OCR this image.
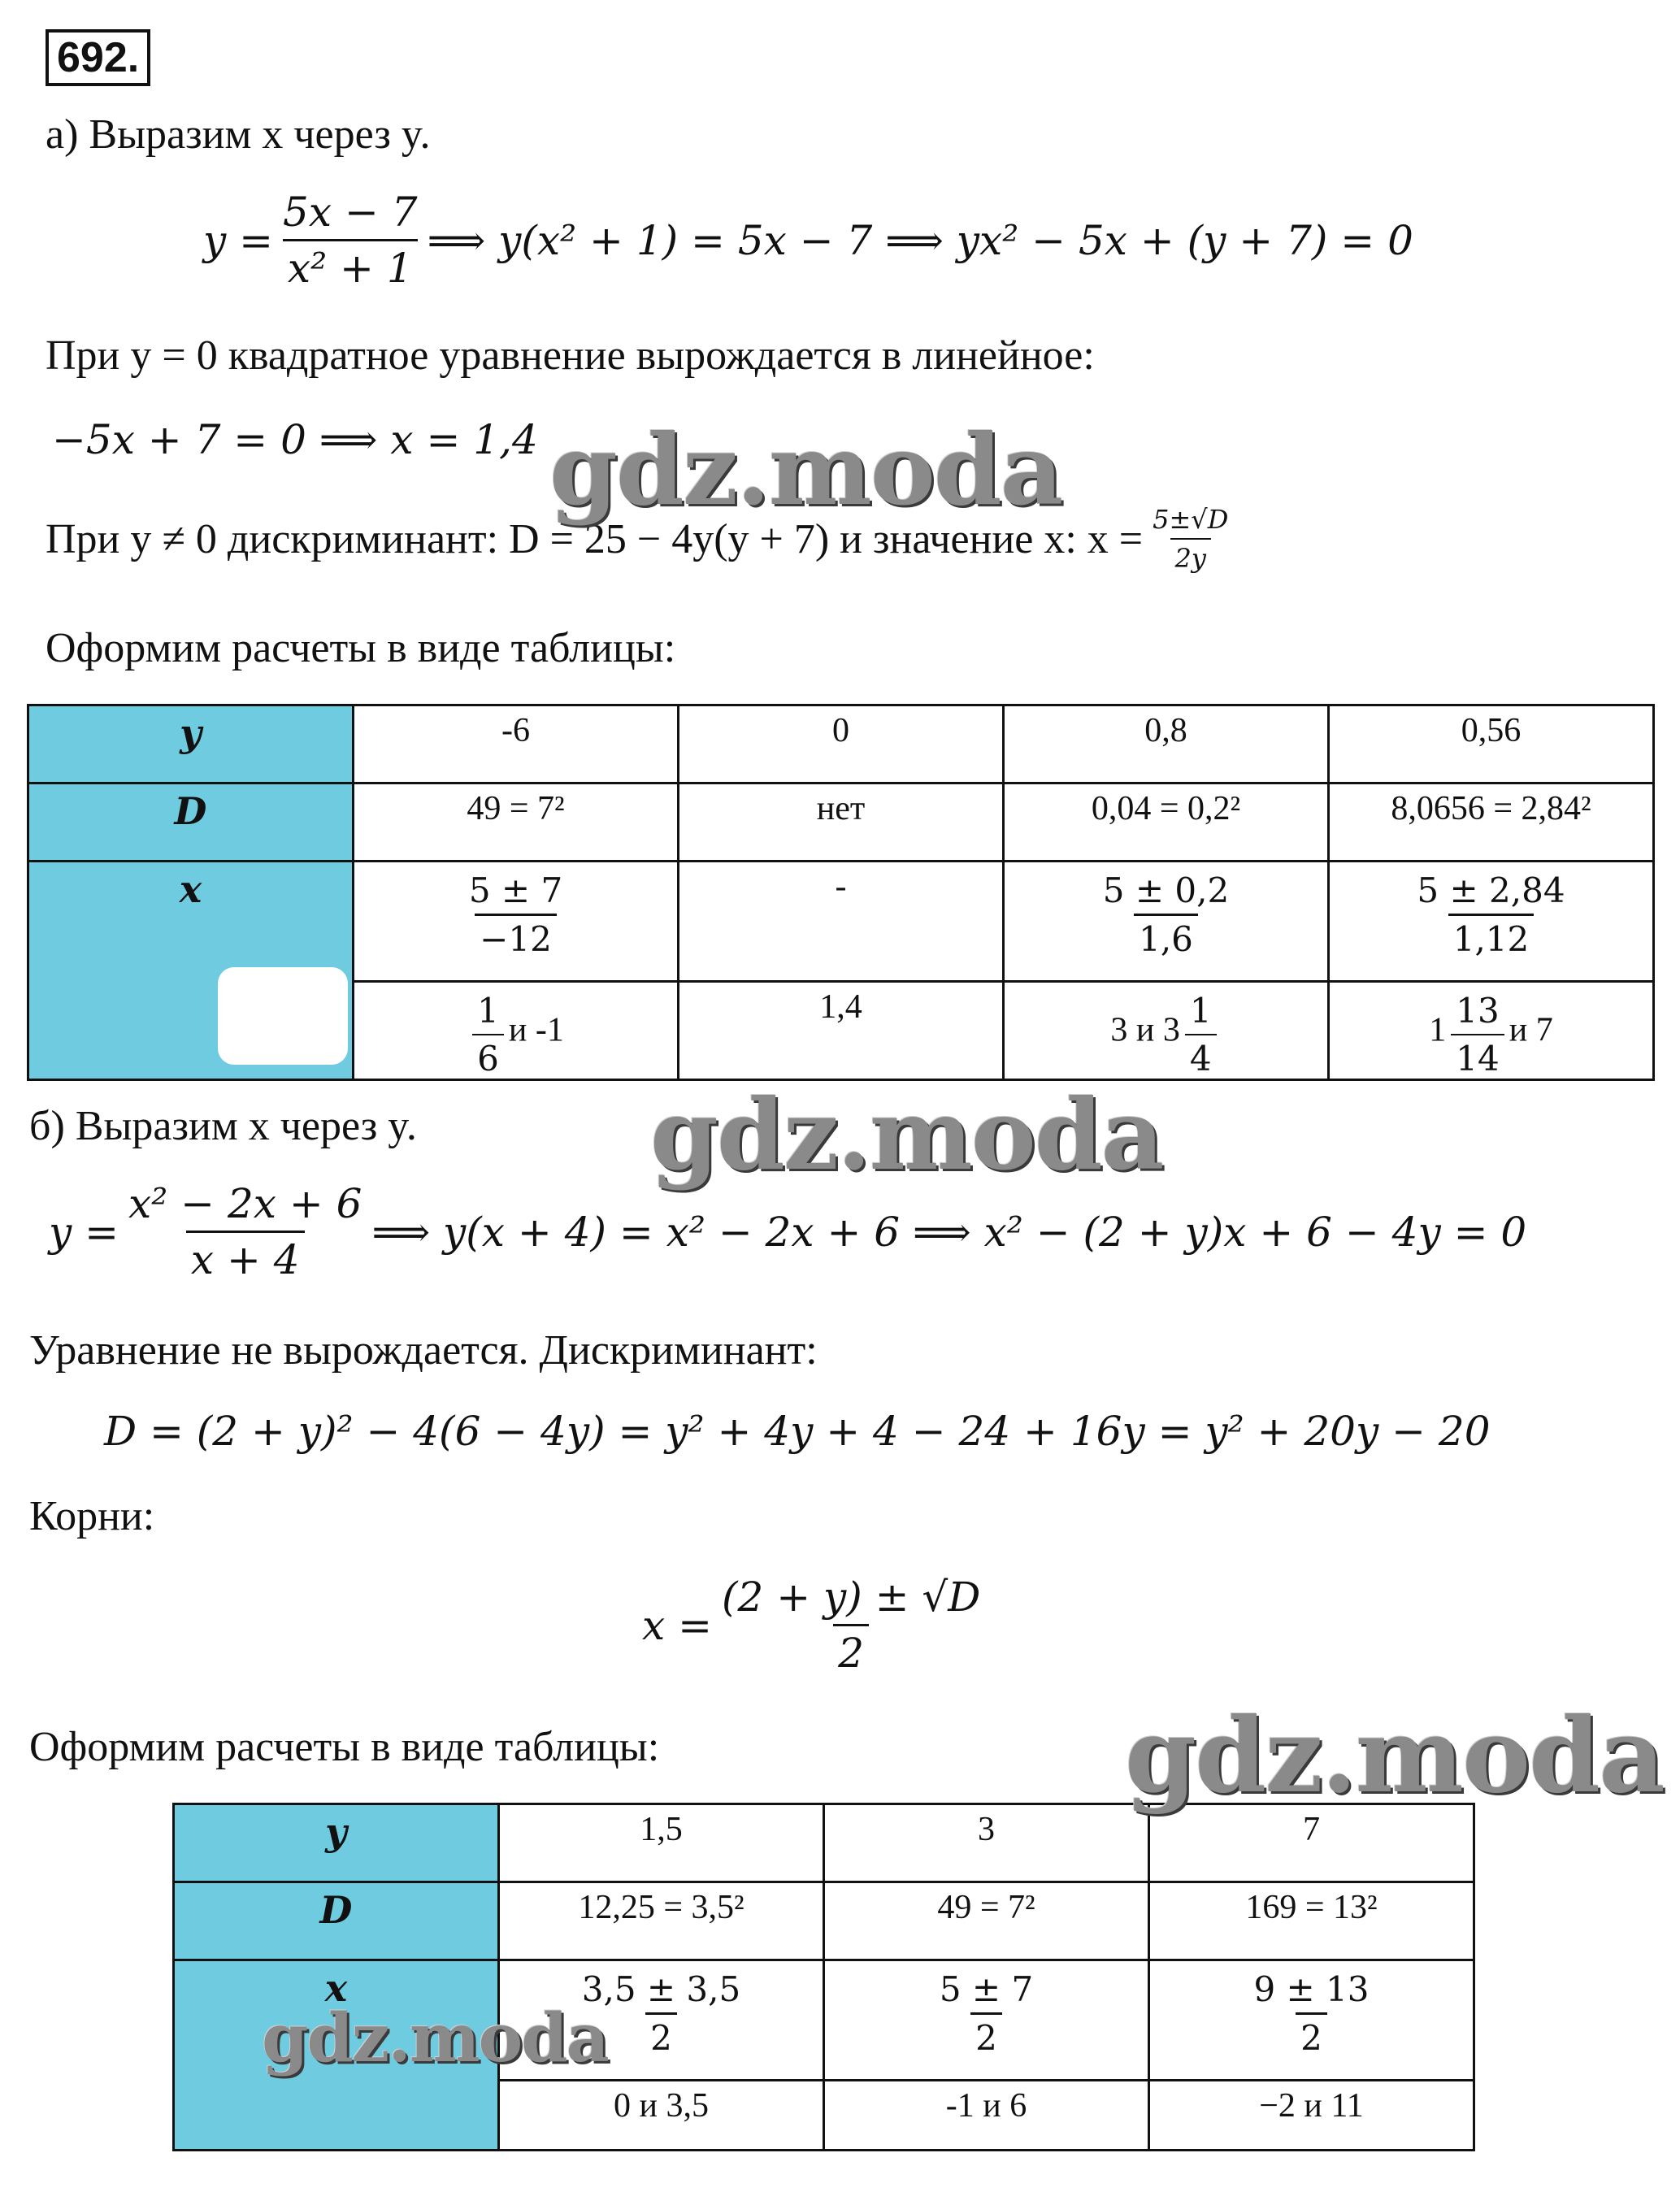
692.
а) Выразим x через y.
$y = \frac{5x - 7}{\text{x² + 1}}$ ⟹ y(x² + 1) = 5x − 7 ⟹ yx² − 5x + (y + 7) = 0
При y = 0 квадратное уравнение вырождается в линейное:
−5x + 7 = 0 ⟹ x = 1,4
При y ≠ 0 дискриминант: D = 25 − 4y(y + 7) и значение x: $x = \frac{5\pm√D}{2y}$
Оформим расчеты в виде таблицы:
y	-6	0	0,8	0,56
D	49 = 7²	нет	0,04 = 0,2²	8,0656 = 2,84²
x	$\frac{5 \pm 7}{-12}$	-	$\frac{5 \pm 0,2}{1,6}$	$\frac{5 \pm 2,84}{1,12}$

	$\frac{1}{6}$ и -1	1,4	3 и $3 \frac{1}{4}$	$1 \frac{13}{14}$ и 7
б) Выразим x через y.
$y = \frac{\text{x² − 2x + 6}}{x + 4}$ ⟹ y(x + 4) = x² − 2x + 6 ⟹ x² − (2 + y)x + 6 − 4y = 0
Уравнение не вырождается. Дискриминант:
D = (2 + y)² − 4(6 − 4y) = y² + 4y + 4 − 24 + 16y = y² + 20y − 20
Корни:
$x = \frac{(2 + y) \pm √D}{2}$
Оформим расчеты в виде таблицы:
y	1,5	3	7
D	12,25 = 3,5²	49 = 7²	169 = 13²
x	$\frac{3,5 \pm 3,5}{2}$	$\frac{5 \pm 7}{2}$	$\frac{9 \pm 13}{2}$

	0 и 3,5	-1 и 6	−2 и 11
gdz.moda
gdz.moda
gdz.moda
gdz.moda
